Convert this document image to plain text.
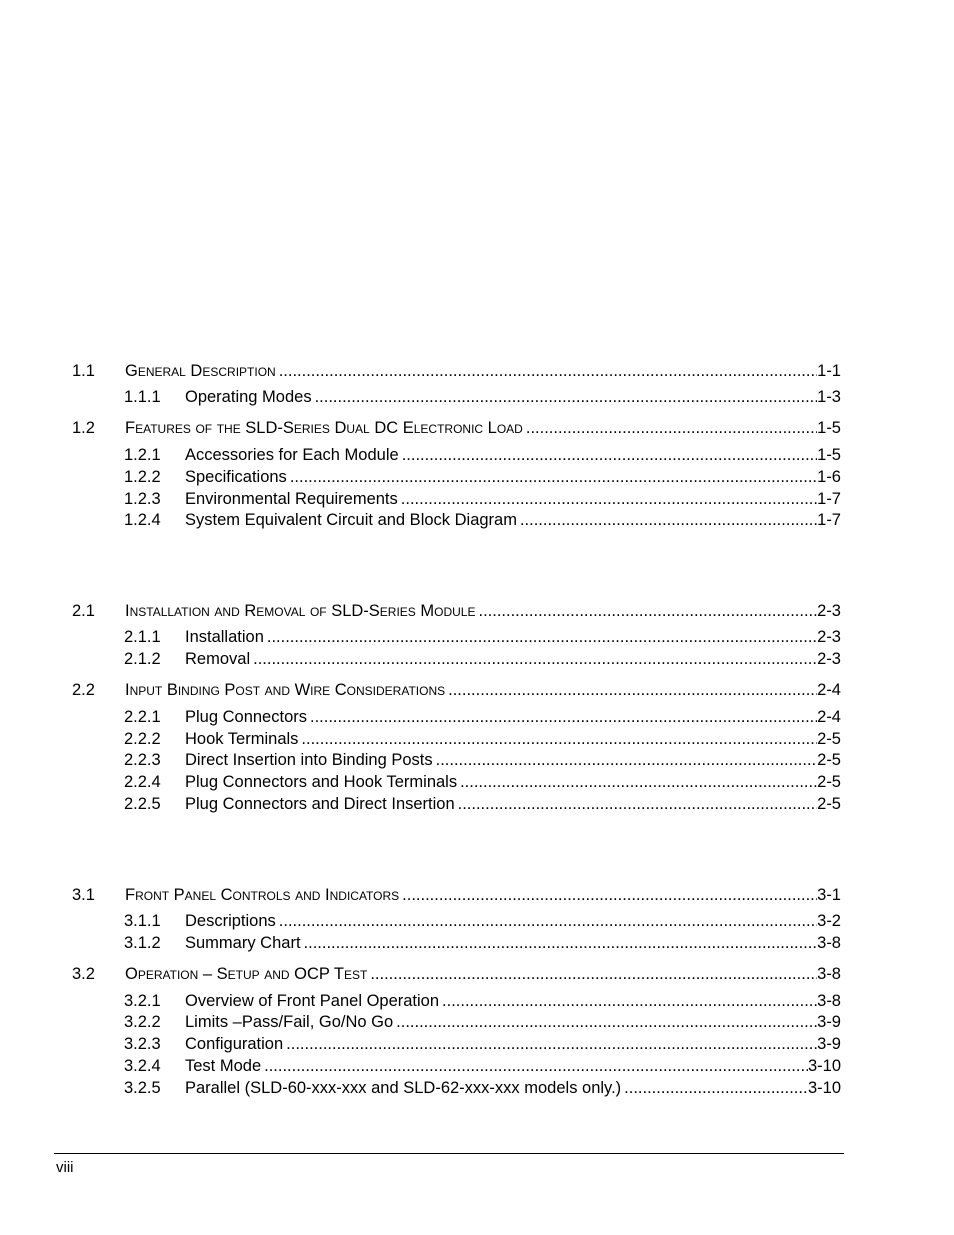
1.1	General Description .....	1-1
1.1.1	Operating Modes .....	1-3
1.2	Features of the SLD-Series Dual DC Electronic Load .....	1-5
1.2.1	Accessories for Each Module .....	1-5
1.2.2	Specifications .....	1-6
1.2.3	Environmental Requirements .....	1-7
1.2.4	System Equivalent Circuit and Block Diagram .....	1-7
2.1	Installation and Removal of SLD-Series Module .....	2-3
2.1.1	Installation .....	2-3
2.1.2	Removal .....	2-3
2.2	Input Binding Post and Wire Considerations .....	2-4
2.2.1	Plug Connectors .....	2-4
2.2.2	Hook Terminals .....	2-5
2.2.3	Direct Insertion into Binding Posts .....	2-5
2.2.4	Plug Connectors and Hook Terminals .....	2-5
2.2.5	Plug Connectors and Direct Insertion .....	2-5
3.1	Front Panel Controls and Indicators .....	3-1
3.1.1	Descriptions .....	3-2
3.1.2	Summary Chart .....	3-8
3.2	Operation – Setup and OCP Test .....	3-8
3.2.1	Overview of Front Panel Operation .....	3-8
3.2.2	Limits –Pass/Fail, Go/No Go .....	3-9
3.2.3	Configuration .....	3-9
3.2.4	Test Mode .....	3-10
3.2.5	Parallel (SLD-60-xxx-xxx and SLD-62-xxx-xxx models only.) .....	3-10
viii
